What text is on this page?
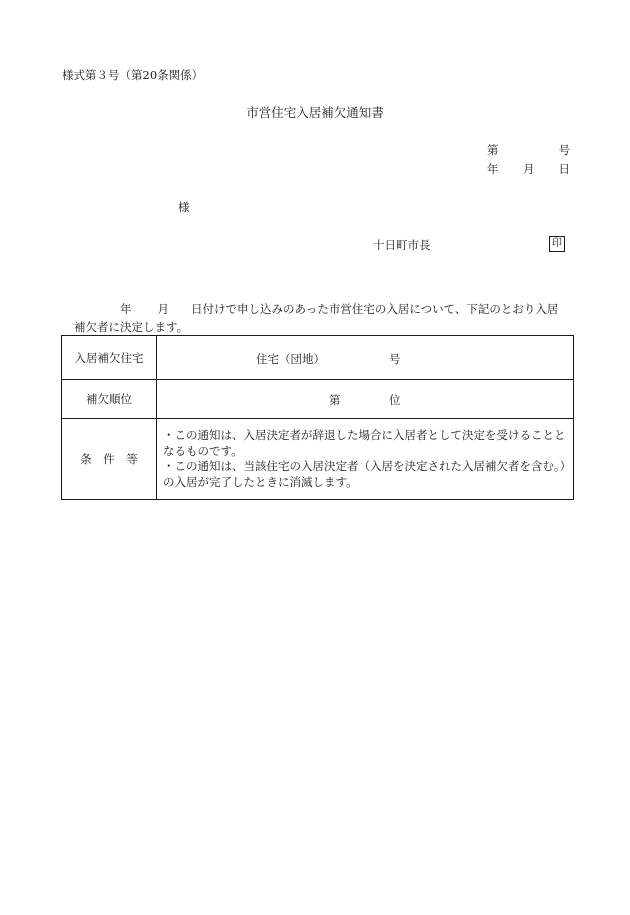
様式第３号（第20条関係）
市営住宅入居補欠通知書
第	号
年 月 日
様
十日町市長	印
年 月 日付けで申し込みのあった市営住宅の入居について、下記のとおり入居
補欠者に決定します。
入居補欠住宅	住宅（団地） 号

補欠順位	第 位

条　件　等	・この通知は、入居決定者が辞退した場合に入居者として決定を受けることとなるものです。
・この通知は、当該住宅の入居決定者（入居を決定された入居補欠者を含む。）の入居が完了したときに消滅します。
